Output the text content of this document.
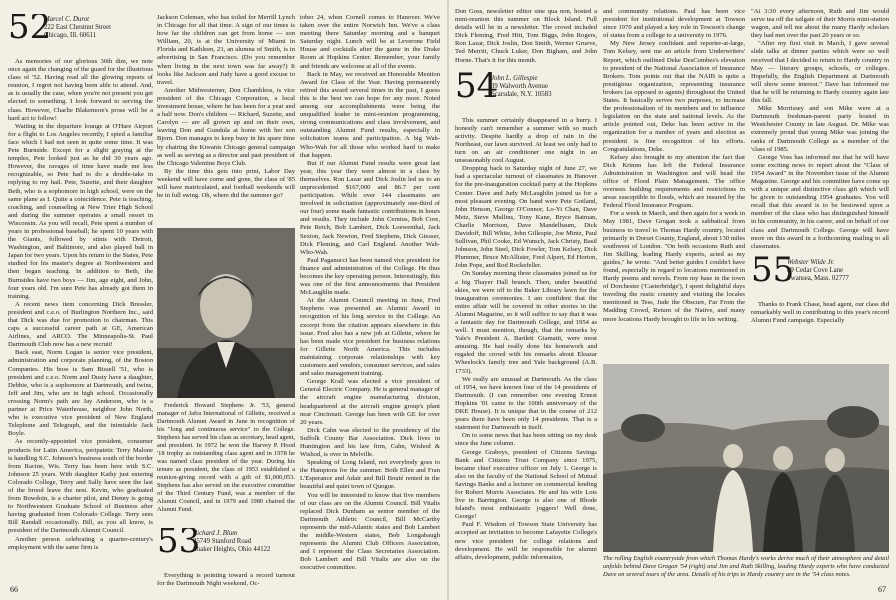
52
Marcel C. Durot
222 East Chestnut Street
Chicago, Ill. 60611

As memories of our glorious 30th dim, we note once again the changing of the guard for the illustrious class of '52. Having read all the glowing reports of reunion, I regret not having been able to attend. And, as is usually the case, when you're not present you get elected to something. I look forward to serving the class. However, Charlie Blakemore's prose will be a hard act to follow!

Waiting in the departure lounge at O'Hare Airport for a flight to Los Angeles recently, I spied a familiar face which I had not seen in quite some time. It was Pete Burnside. Except for a slight graying at the temples, Pete looked just as he did 30 years ago. However, the ravages of time have made me less recognizable, so Pete had to do a double-take in replying to my hail. Pete, Suzette, and their daughter Beth, who is a sophomore in high school, were on the same plane as I. Quite a coincidence. Pete is teaching, coaching, and counseling at New Trier High School and during the summer operates a small resort in Wisconsin. As you will recall, Pete spent a number of years in professional baseball; he spent 10 years with the Giants, followed by stints with Detroit, Washington, and Baltimore, and also played ball in Japan for two years. Upon his return to the States, Pete studied for his master's degree at Northwestern and then began teaching. In addition to Beth, the Burnsides have two boys — Jim, age eight, and John, four years old. I'm sure Pete has already got them in training.

A recent news item concerning Dick Bressler, president and c.e.o. of Burlington Northern Inc., said that Dick was due for promotion to chairman. This caps a successful career path at GE, American Airlines, and ARCO. The Minneapolis-St. Paul Dartmouth Club now has a new recruit!

Back east, Norm Logan is senior vice president, administration and corporate planning, of the Boston Companies. His boss is Sam Bissell '51, who is president and c.e.o. Norm and Dusty have a daughter, Debbie, who is a sophomore at Dartmouth, and twins, Jeff and Jim, who are in high school. Occasionally crossing Norm's path are Jay Anderson, who is a partner at Price Waterhouse, neighbor John North, who is executive vice president of New England Telephone and Telegraph, and the inimitable Jack Boyle.

As recently-appointed vice president, consumer products for Latin America, peripatetic Terry Malone is handling S.C. Johnson's business south of the border from Racine, Wis. Terry has been here with S.C. Johnson 25 years. With daughter Kathy just entering Colorado College, Terry and Sally have seen the last of the brood leave the nest. Kevin, who graduated from Bowdoin, is a charter pilot, and Denny is going to Northwestern Graduate School of Business after having graduated from Colorado College. Terry sees Bill Randall occasionally. Bill, as you all know, is president of the Dartmouth Alumni Council.

Another person celebrating a quarter-century's employment with the same firm is

Jackson Coleman, who has toiled for Merrill Lynch in Chicago for all that time. A sign of our times is how far the children can get from home — son William, 20, is at the University of Miami in Florida and Kathleen, 23, an alumna of Smith, is in advertising in San Francisco. (Do you remember when living in the next town was far away?) It looks like Jackson and Judy have a good excuse to travel.

Another Midwesterner, Don Chambless, is vice president of the Chicago Corporation, a local investment house, where he has been for a year and a half now. Don's children — Richard, Suzette, and Carolyn — are all grown up and on their own, leaving Don and Gundula at home with her son Bjorn. Don manages to keep busy in his spare time by chairing the Kiwanis Chicago general campaign as well as serving as a director and past president of the Chicago Valentine Boys Club.

By the time this gets into print, Labor Day weekend will have come and gone, the class of '85 will have matriculated, and football weekends will be in full swing. Oh, where did the summer go?

Frederick Howard Stephens Jr. '53, general manager of Jafra International of Gillette, received a Dartmouth Alumni Award in June in recognition of his "long and continuous service" to the College. Stephens has served his class as secretary, head agent, and president. In 1972 he won the Harvey P. Hood '18 trophy as outstanding class agent and in 1978 he was named class president of the year. During his tenure as president, the class of 1953 established a reunion-giving record with a gift of $1,000,053. Stephens has also served on the executive committee of the Third Century Fund, was a member of the Alumni Council, and in 1979 and 1980 chaired the Alumni Fund.

53
Richard J. Blum
25749 Stanford Road
Shaker Heights, Ohio 44122

Everything is pointing toward a record turnout for the Dartmouth Night weekend, Oc-

tober 24, when Cornell comes to Hanover. We've taken over the entire Norwich Inn. We've a class meeting there Saturday morning and a banquet Saturday night. Lunch will be at Leverone Field House and cocktails after the game in the Drake Room at Hopkins Center. Remember, your family and friends are welcome at all of the events.

Back in May, we received an Honorable Mention Award for Class of the Year. Having permanently retired this award several times in the past, I guess this is the best we can hope for any more. Noted among our accomplishments were being the unqualified leader in mini-reunion programming, strong communications and class involvement, and outstanding Alumni Fund results, especially in solicitation teams and participation. A big Wah-Who-Wah for all those who worked hard to make that happen.

But if our Alumni Fund results were great last year, this year they were almost in a class by themselves. Ron Lazar and Dick Joslin led us to an unprecedented $167,000 and 86.7 per cent participation. While over 144 classmates are involved in solicitation (approximately one-third of our four) some made fantastic contributions in hours and results. They include John Cernius, Bob Core, Pete Reich, Bob Lambert, Dick Loewenthal, Jack Sexton, Jack Newton, Fred Stephens, Dick Giesser, Dick Fleming, and Carl England. Another Wah-Who-Wah.

Paul Paganucci has been named vice president for finance and administration of the College. He thus becomes the key operating person. Interestingly, this was one of the first announcements that President McLaughlin made.

At the Alumni Council meeting in June, Fred Stephens was presented an Alumni Award in recognition of his long service to the College. An excerpt from the citation appears elsewhere in this issue. Fred also has a new job at Gillette, where he has been made vice president for business relations for Gillette North America. This includes maintaining corporate relationships with key customers and vendors, consumer services, and sales and sales management training.

George Krall was elected a vice president of General Electric Company. He is general manager of the aircraft engine manufacturing division, headquartered at the aircraft engine group's plant near Cincinnati. George has been with GE for over 20 years.

Dick Cahn was elected to the presidency of the Suffolk County Bar Association. Dick lives in Huntington and his law firm, Cahn, Wishod & Wishod, is over in Melville.

Speaking of Long Island, not everybody goes to the Hamptons for the summer. Both Ellen and Fran L'Esperance and Adair and Bill Bouté rented in the beautiful and quiet town of Quogue.

You will be interested to know that five members of our class are on the Alumni Council. Bill Vitalis replaced Dick Dunham as senior member of the Dartmouth Athletic Council, Bill McCarthy represents the mid-Atlantic states and Bob Lambert the middle-Western states, Bob Longabaugh represents the Alumni Club Officers Association, and I represent the Class Secretaries Association. Bob Lambert and Bill Vitalis are also on the executive committee.

66

Don Goss, newsletter editor sine qua non, hosted a mini-reunion this summer on Block Island. Full details will be in a newsletter. The crowd included Dick Fleming, Fred Hitt, Tom Biggs, John Rogers, Ron Lazar, Dick Joslin, Don Smith, Werner Grueve, Ted Merritt, Chuck Luker, Don Bigham, and John Horne. That's it for this month.

54
John L. Gillespie
39 Walworth Avenue
Scarsdale, N.Y. 10583

This summer certainly disappeared in a hurry. I honestly can't remember a summer with so much activity. Despite hardly a drop of rain in the Northeast, our lawn survived. At least we only had to turn on an air conditioner one night in an unseasonably cool August.

Dropping back to Saturday night of June 27, we had a spectacular turnout of classmates in Hanover for the pre-inauguration cocktail party at the Hopkins Center. Dave and Judy McLaughlin joined us for a most pleasant evening. On hand were Pete Gotland, John Henson, George O'Connor, Lo-Yi Chan, Dave Metz, Steve Mullins, Tony Kane, Bryce Batman, Charlie Morrison, Dave Mandelbaum, Dick Davidoff, Bill White, John Gillespie, Joe Mintz, Paul Sullivan, Phil Cooke, Ed Wunsch, Jack Christy, Basil Johnson, John Steel, Dick Fowler, Tom Kelsey, Dick Plummer, Bruce McAllister, Fred Alpert, Ed Horton, John Pope, and Rod Rockefeller.

On Sunday morning three classmates joined us for a big Thayer Hall brunch. Then, under beautiful skies, we were off to the Baker Library lawn for the inauguration ceremonies. I am confident that the entire affair will be covered in other stories in the Alumni Magazine, so it will suffice to say that it was a fantastic day for Dartmouth College, and 1954 as well. I must mention, though, that the remarks by Yale's President A. Bartlett Giamatti, were most amusing. He had really done his homework and regaled the crowd with his remarks about Eleazar Wheelock's family tree and Yale background (A.B. 1733).

We really are unusual at Dartmouth. As the class of 1954, we have known four of the 14 presidents of Dartmouth. (I can remember one evening Ernest Hopkins '01 came to the 100th anniversary of the DKE House). It is unique that in the course of 212 years there have been only 14 presidents. That is a statement for Dartmouth in itself.

On to some news that has been sitting on my desk since the June column.

George Graboys, president of Citizens Savings Bank and Citizens Trust Company since 1975, became chief executive officer on July 1. George is also on the faculty of the National School of Mutual Savings Banks and a lecturer on commercial lending for Robert Morris Associates. He and his wife Lois live in Barrington. George is also one of Rhode Island's most enthusiastic joggers! Well done, George!

Paul F. Wisdom of Towson State University has accepted an invitation to become Lafayette College's new vice president for college relations and development. He will be responsible for alumni affairs, development, public information,

and community relations. Paul has been vice president for institutional development at Towson since 1970 and played a key role in Towson's change of status from a college to a university in 1976.

My New Jersey confidant and reporter-at-large, Tom Kelsey, sent me an article from Underwriters' Report, which outlined Deke DesCombes's elevation to president of the National Association of Insurance Brokers. Tom points out that the NAIB is quite a prestigious organization, representing insurance brokers (as opposed to agents) throughout the United States. It basically serves two purposes, to increase the professionalism of its members and to influence legislation on the state and national levels. As the article pointed out, Deke has been active in the organization for a number of years and election as president is fine recognition of his efforts. Congratulations, Deke.

Kelsey also brought to my attention the fact that Dick Krimm has left the Federal Insurance Administration in Washington and will head the office of Flood Plain Management. The office oversees building requirements and restrictions in areas susceptible to floods, which are insured by the Federal Flood Insurance Program.

For a week in March, and then again for a week in May 1981, Dave Grogan took a sabbatical from business to travel to Thomas Hardy country, located primarily in Dorset County, England, about 130 miles southwest of London. "On both occasions Ruth and Jim Skilling, leading Hardy experts, acted as my guides," he wrote. "And better guides I couldn't have found, especially in regard to locations mentioned in Hardy poems and novels. From my base in the town of Dorchester ('Casterbridge'), I spent delightful days traveling the rustic country and visiting the locales mentioned in Tess, Jude the Obscure, Far From the Madding Crowd, Return of the Native, and many more locations Hardy brought to life in his writing.

"At 3:30 every afternoon, Ruth and Jim would serve tea off the tailgate of their Morris mini-station wagon, and tell me about the many Hardy scholars they had met over the past 20 years or so.

"After my first visit in March, I gave several slide talks at dinner parties which were so well received that I decided to return to Hardy country in May — literary groups, schools, or colleges. Hopefully, the English Department at Dartmouth will show some interest." Dave has informed me that he will be returning to Hardy country again late this fall.

Mike Morrissey and son Mike were at a Dartmouth freshman-parent party hosted in Westchester County in late August. Dr. Mike was extremely proud that young Mike was joining the ranks of Dartmouth College as a member of the 'class of 1985.

George Voss has informed me that he will have some exciting news to report about the "Class of 1954 Award" in the November issue of the Alumni Magazine. George and his committee have come up with a unique and distinctive class gift which will be given to outstanding 1954 graduates. You will recall that this award is to be bestowed upon a member of the class who has distinguished himself in his community, in his career, and on behalf of our class and Dartmouth College. George will have more on this award in a forthcoming mailing to all classmates.

55
Webster Wilde Jr.
89 Cedar Cove Lane
Swansea, Mass. 02777

Thanks to Frank Chase, head agent, our class did remarkably well in contributing to this year's record Alumni Fund campaign. Especially

The rolling English countryside from which Thomas Hardy's works derive much of their atmosphere and detail unfolds behind Dave Grogan '54 (right) and Jim and Ruth Skilling, leading Hardy experts who have conducted Dave on several tours of the area. Details of his trips to Hardy country are in the '54 class notes.

67
